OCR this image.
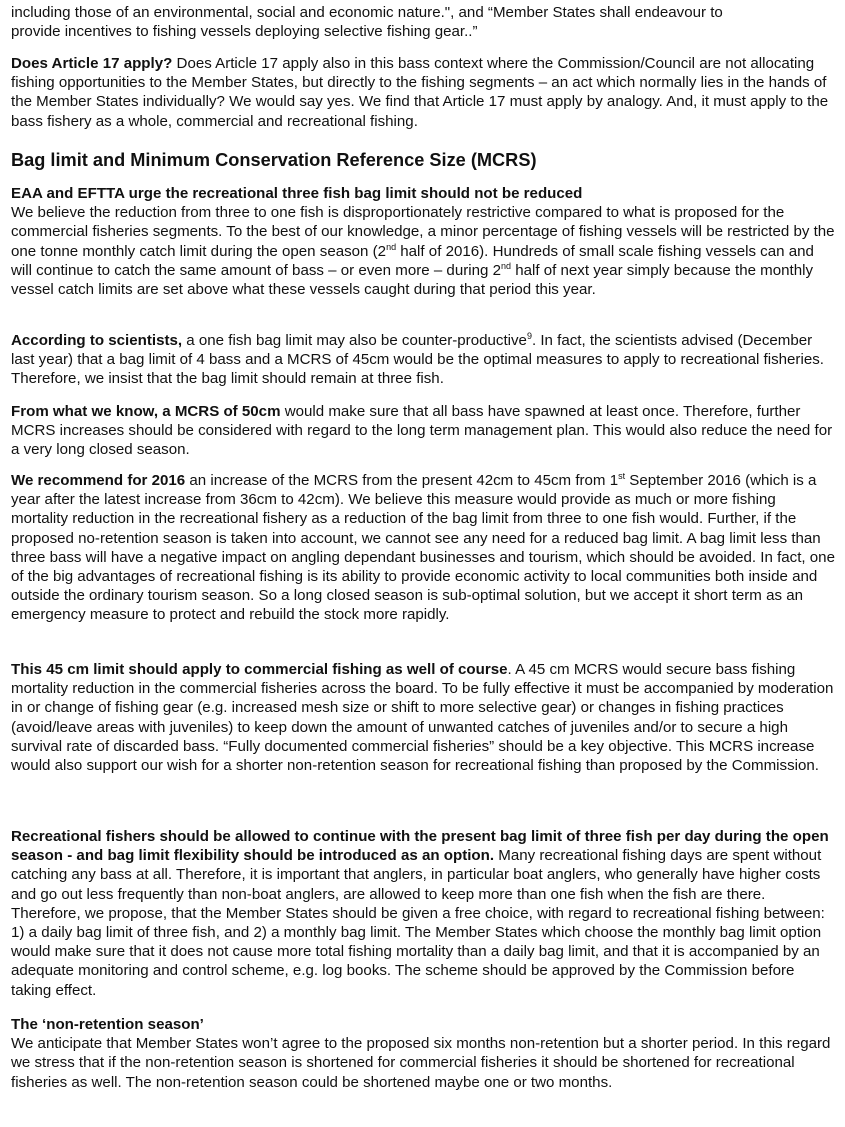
including those of an environmental, social and economic nature.", and “Member States shall endeavour to

provide incentives to fishing vessels deploying selective fishing gear..”

Does Article 17 apply? Does Article 17 apply also in this bass context where the Commission/Council are not allocating fishing opportunities to the Member States, but directly to the fishing segments – an act which normally lies in the hands of the Member States individually? We would say yes. We find that Article 17 must apply by analogy. And, it must apply to the bass fishery as a whole, commercial and recreational fishing.

Bag limit and Minimum Conservation Reference Size (MCRS)

EAA and EFTTA urge the recreational three fish bag limit should not be reduced

We believe the reduction from three to one fish is disproportionately restrictive compared to what is proposed for the commercial fisheries segments. To the best of our knowledge, a minor percentage of fishing vessels will be restricted by the one tonne monthly catch limit during the open season (2nd half of 2016). Hundreds of small scale fishing vessels can and will continue to catch the same amount of bass – or even more – during 2nd half of next year simply because the monthly vessel catch limits are set above what these vessels caught during that period this year.

According to scientists, a one fish bag limit may also be counter-productive$^9$. In fact, the scientists advised (December last year) that a bag limit of 4 bass and a MCRS of 45cm would be the optimal measures to apply to recreational fisheries. Therefore, we insist that the bag limit should remain at three fish.

From what we know, a MCRS of 50cm would make sure that all bass have spawned at least once. Therefore, further MCRS increases should be considered with regard to the long term management plan. This would also reduce the need for a very long closed season.

We recommend for 2016 an increase of the MCRS from the present 42cm to 45cm from 1st September 2016 (which is a year after the latest increase from 36cm to 42cm). We believe this measure would provide as much or more fishing mortality reduction in the recreational fishery as a reduction of the bag limit from three to one fish would. Further, if the proposed no-retention season is taken into account, we cannot see any need for a reduced bag limit. A bag limit less than three bass will have a negative impact on angling dependant businesses and tourism, which should be avoided. In fact, one of the big advantages of recreational fishing is its ability to provide economic activity to local communities both inside and outside the ordinary tourism season. So a long closed season is sub-optimal solution, but we accept it short term as an emergency measure to protect and rebuild the stock more rapidly.

This 45 cm limit should apply to commercial fishing as well of course. A 45 cm MCRS would secure bass fishing mortality reduction in the commercial fisheries across the board. To be fully effective it must be accompanied by moderation in or change of fishing gear (e.g. increased mesh size or shift to more selective gear) or changes in fishing practices (avoid/leave areas with juveniles) to keep down the amount of unwanted catches of juveniles and/or to secure a high survival rate of discarded bass. “Fully documented commercial fisheries” should be a key objective. This MCRS increase would also support our wish for a shorter non-retention season for recreational fishing than proposed by the Commission.

Recreational fishers should be allowed to continue with the present bag limit of three fish per day during the open season - and bag limit flexibility should be introduced as an option. Many recreational fishing days are spent without catching any bass at all. Therefore, it is important that anglers, in particular boat anglers, who generally have higher costs and go out less frequently than non-boat anglers, are allowed to keep more than one fish when the fish are there. Therefore, we propose, that the Member States should be given a free choice, with regard to recreational fishing between: 1) a daily bag limit of three fish, and 2) a monthly bag limit. The Member States which choose the monthly bag limit option would make sure that it does not cause more total fishing mortality than a daily bag limit, and that it is accompanied by an adequate monitoring and control scheme, e.g. log books. The scheme should be approved by the Commission before taking effect.

The ‘non-retention season’

We anticipate that Member States won’t agree to the proposed six months non-retention but a shorter period. In this regard we stress that if the non-retention season is shortened for commercial fisheries it should be shortened for recreational fisheries as well. The non-retention season could be shortened maybe one or two months.
